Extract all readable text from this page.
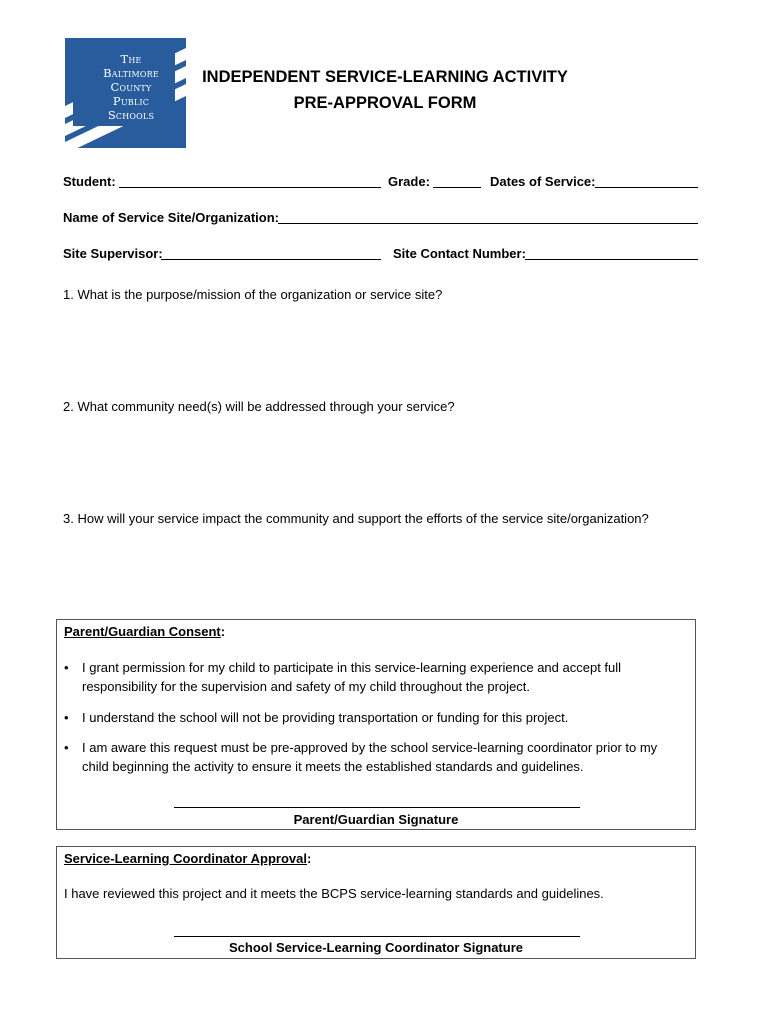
The
Baltimore
County
Public
Schools
INDEPENDENT SERVICE-LEARNING ACTIVITY
PRE-APPROVAL FORM
Student:	Grade:	Dates of Service:
Name of Service Site/Organization:
Site Supervisor:	Site Contact Number:
1. What is the purpose/mission of the organization or service site?
2. What community need(s) will be addressed through your service?
3. How will your service impact the community and support the efforts of the service site/organization?
Parent/Guardian Consent:
• I grant permission for my child to participate in this service-learning experience and accept full
responsibility for the supervision and safety of my child throughout the project.
• I understand the school will not be providing transportation or funding for this project.
• I am aware this request must be pre-approved by the school service-learning coordinator prior to my
child beginning the activity to ensure it meets the established standards and guidelines.
Parent/Guardian Signature
Service-Learning Coordinator Approval:
I have reviewed this project and it meets the BCPS service-learning standards and guidelines.
School Service-Learning Coordinator Signature
